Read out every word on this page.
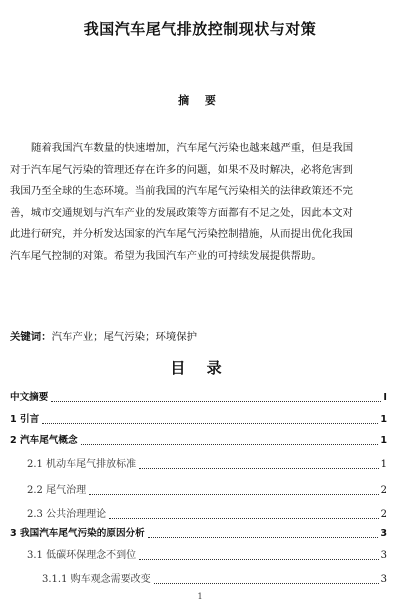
我国汽车尾气排放控制现状与对策
摘 要
随着我国汽车数量的快速增加，汽车尾气污染也越来越严重，但是我国
对于汽车尾气污染的管理还存在许多的问题，如果不及时解决，必将危害到
我国乃至全球的生态环境。当前我国的汽车尾气污染相关的法律政策还不完
善，城市交通规划与汽车产业的发展政策等方面都有不足之处，因此本文对
此进行研究，并分析发达国家的汽车尾气污染控制措施，从而提出优化我国
汽车尾气控制的对策。希望为我国汽车产业的可持续发展提供帮助。
关键词：汽车产业；尾气污染；环境保护
目 录
中文摘要	I
1 引言	1
2 汽车尾气概念	1
2.1 机动车尾气排放标准	1
2.2 尾气治理	2
2.3 公共治理理论	2
3 我国汽车尾气污染的原因分析	3
3.1 低碳环保理念不到位	3
3.1.1 购车观念需要改变	3
1
